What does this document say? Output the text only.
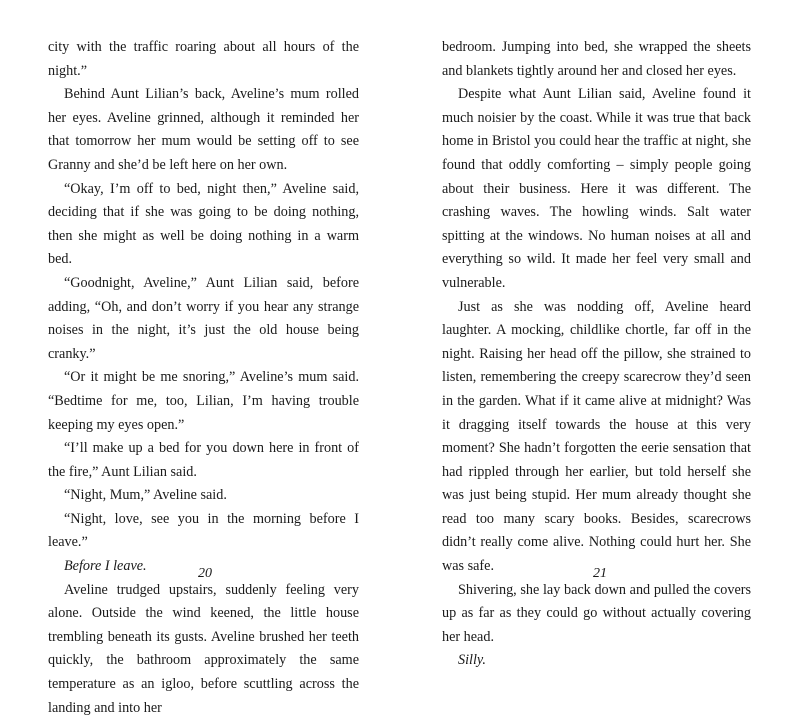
city with the traffic roaring about all hours of the night.”

Behind Aunt Lilian’s back, Aveline’s mum rolled her eyes. Aveline grinned, although it reminded her that tomorrow her mum would be setting off to see Granny and she’d be left here on her own.

“Okay, I’m off to bed, night then,” Aveline said, deciding that if she was going to be doing nothing, then she might as well be doing nothing in a warm bed.

“Goodnight, Aveline,” Aunt Lilian said, before adding, “Oh, and don’t worry if you hear any strange noises in the night, it’s just the old house being cranky.”

“Or it might be me snoring,” Aveline’s mum said. “Bedtime for me, too, Lilian, I’m having trouble keeping my eyes open.”

“I’ll make up a bed for you down here in front of the fire,” Aunt Lilian said.

“Night, Mum,” Aveline said.

“Night, love, see you in the morning before I leave.”

Before I leave.

Aveline trudged upstairs, suddenly feeling very alone. Outside the wind keened, the little house trembling beneath its gusts. Aveline brushed her teeth quickly, the bathroom approximately the same temperature as an igloo, before scuttling across the landing and into her

20

bedroom. Jumping into bed, she wrapped the sheets and blankets tightly around her and closed her eyes.

Despite what Aunt Lilian said, Aveline found it much noisier by the coast. While it was true that back home in Bristol you could hear the traffic at night, she found that oddly comforting – simply people going about their business. Here it was different. The crashing waves. The howling winds. Salt water spitting at the windows. No human noises at all and everything so wild. It made her feel very small and vulnerable.

Just as she was nodding off, Aveline heard laughter. A mocking, childlike chortle, far off in the night. Raising her head off the pillow, she strained to listen, remembering the creepy scarecrow they’d seen in the garden. What if it came alive at midnight? Was it dragging itself towards the house at this very moment? She hadn’t forgotten the eerie sensation that had rippled through her earlier, but told herself she was just being stupid. Her mum already thought she read too many scary books. Besides, scarecrows didn’t really come alive. Nothing could hurt her. She was safe.

Shivering, she lay back down and pulled the covers up as far as they could go without actually covering her head.

Silly.

21
